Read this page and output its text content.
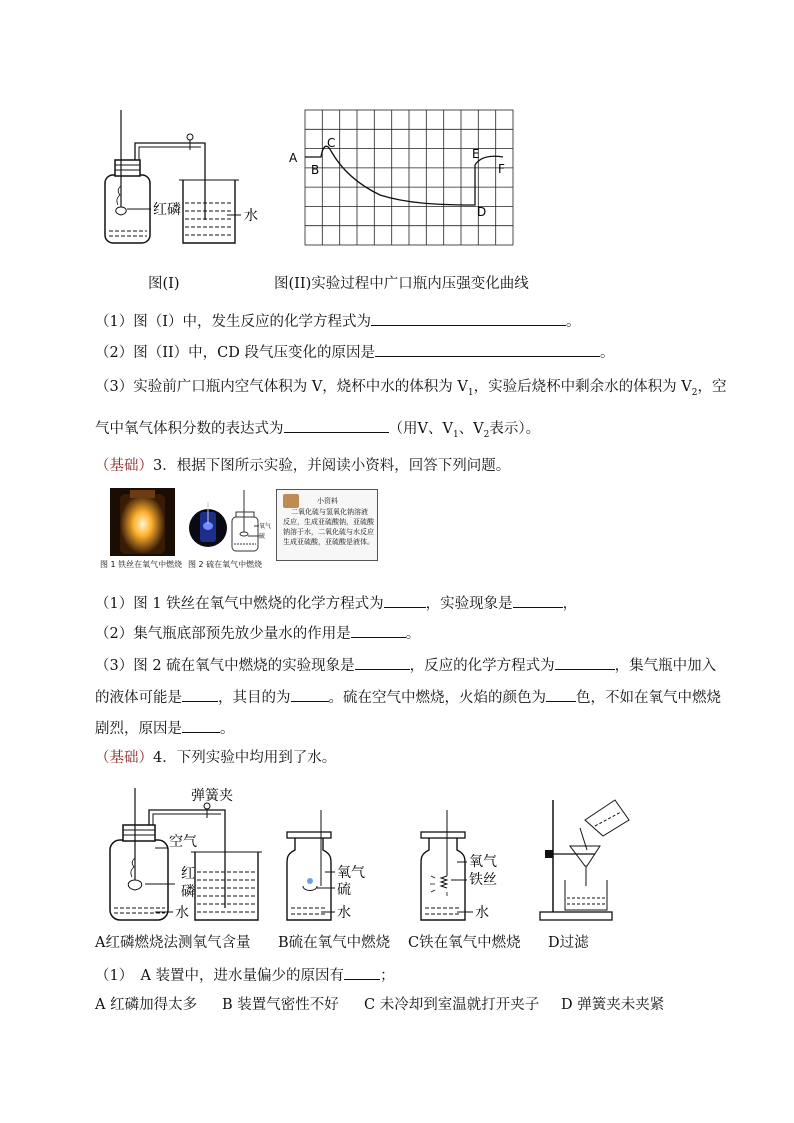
红磷	水
A
B
C
D
E
F
图(I)	图(II)实验过程中广口瓶内压强变化曲线
（1）图（I）中，发生反应的化学方程式为	。
（2）图（II）中，CD 段气压变化的原因是	。
（3）实验前广口瓶内空气体积为 V，烧杯中水的体积为 $V_1$，实验后烧杯中剩余水的体积为 $V_2$，空
气中氧气体积分数的表达式为	（用V、$V_1$、$V_2$表示）。
（基础）3．根据下图所示实验，并阅读小资料，回答下列问题。
图 1 铁丝在氧气中燃烧
氧气
硫
图 2 硫在氧气中燃烧
小资料
二氧化硫与氢氧化钠溶液
反应，生成亚硫酸钠，亚硫酸
钠溶于水，二氧化硫与水反应
生成亚硫酸，亚硫酸是液体。
（1）图 1 铁丝在氧气中燃烧的化学方程式为	，实验现象是	，
（2）集气瓶底部预先放少量水的作用是	。
（3）图 2 硫在氧气中燃烧的实验现象是	，反应的化学方程式为	，集气瓶中加入
的液体可能是 ，其目的为	。硫在空气中燃烧，火焰的颜色为 色，不如在氧气中燃烧
剧烈，原因是	。
（基础）4．下列实验中均用到了水。
弹簧夹
空气
红
磷
水
氧气
硫
水
氧气
铁丝
水
A红磷燃烧法测氧气含量 B硫在氧气中燃烧 C铁在氧气中燃烧 D过滤
（1）　A 装置中，进水量偏少的原因有 ；
A 红磷加得太多 B 装置气密性不好 C 未冷却到室温就打开夹子 D 弹簧夹未夹紧
